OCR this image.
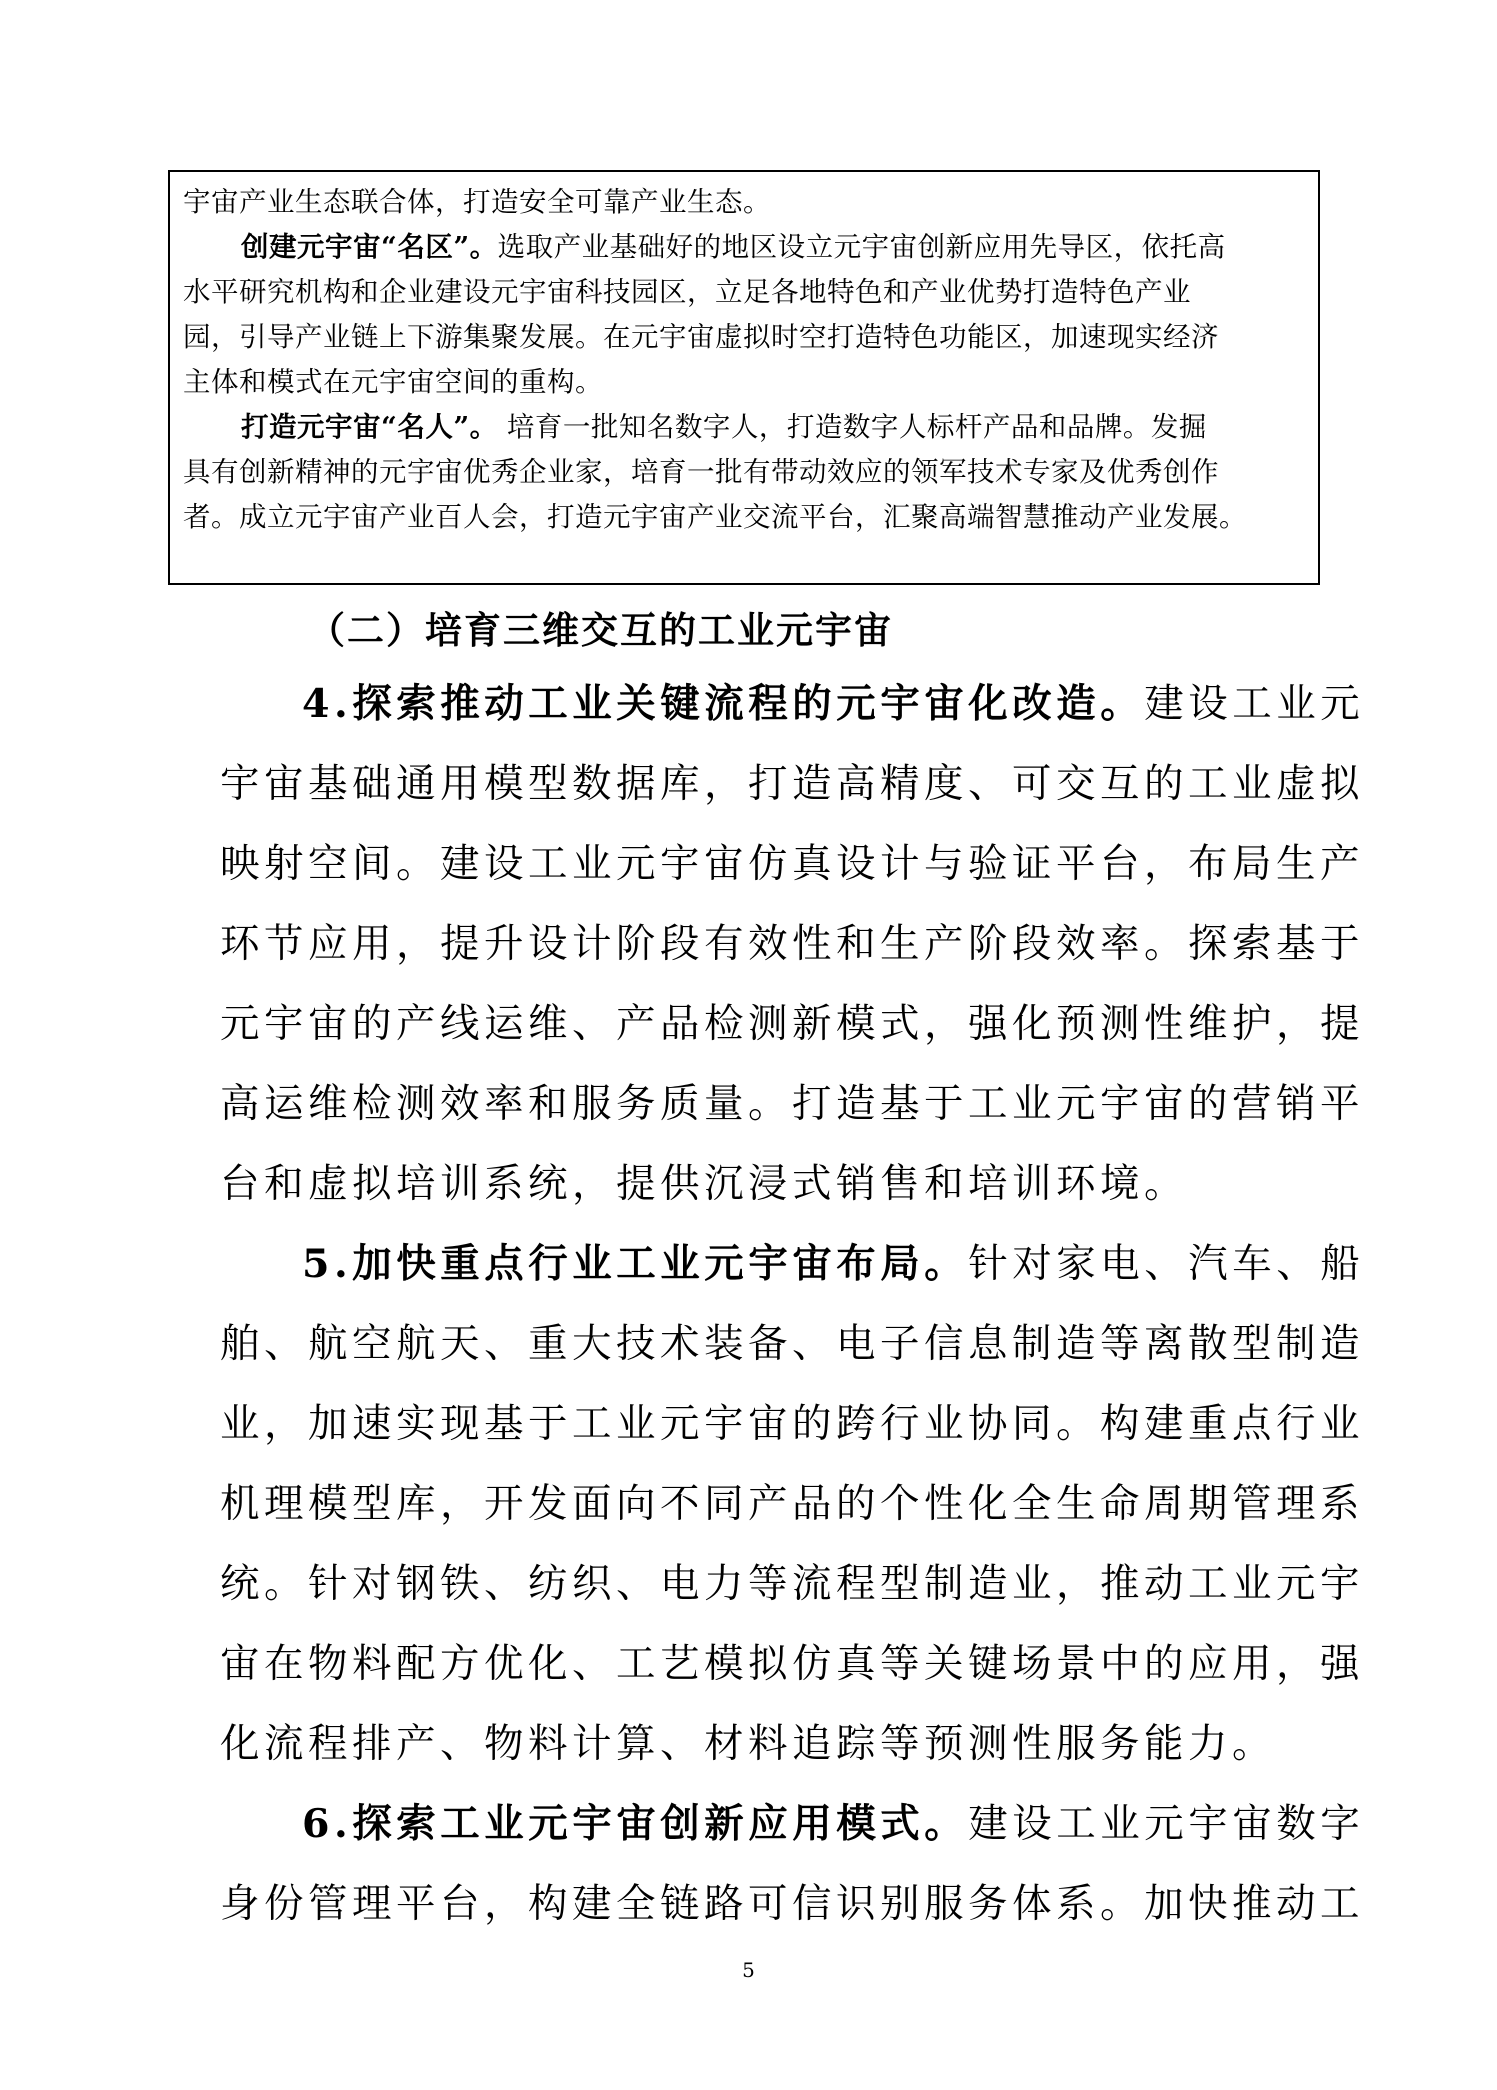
宇宙产业生态联合体，打造安全可靠产业生态。
创建元宇宙“名区”。选取产业基础好的地区设立元宇宙创新应用先导区，依托高
水平研究机构和企业建设元宇宙科技园区，立足各地特色和产业优势打造特色产业
园，引导产业链上下游集聚发展。在元宇宙虚拟时空打造特色功能区，加速现实经济
主体和模式在元宇宙空间的重构。
打造元宇宙“名人”。 培育一批知名数字人，打造数字人标杆产品和品牌。发掘
具有创新精神的元宇宙优秀企业家，培育一批有带动效应的领军技术专家及优秀创作
者。成立元宇宙产业百人会，打造元宇宙产业交流平台，汇聚高端智慧推动产业发展。
（二）培育三维交互的工业元宇宙
4.探索推动工业关键流程的元宇宙化改造。建设工业元
宇宙基础通用模型数据库，打造高精度、可交互的工业虚拟
映射空间。建设工业元宇宙仿真设计与验证平台，布局生产
环节应用，提升设计阶段有效性和生产阶段效率。探索基于
元宇宙的产线运维、产品检测新模式，强化预测性维护，提
高运维检测效率和服务质量。打造基于工业元宇宙的营销平
台和虚拟培训系统，提供沉浸式销售和培训环境。
5.加快重点行业工业元宇宙布局。针对家电、汽车、船
舶、航空航天、重大技术装备、电子信息制造等离散型制造
业，加速实现基于工业元宇宙的跨行业协同。构建重点行业
机理模型库，开发面向不同产品的个性化全生命周期管理系
统。针对钢铁、纺织、电力等流程型制造业，推动工业元宇
宙在物料配方优化、工艺模拟仿真等关键场景中的应用，强
化流程排产、物料计算、材料追踪等预测性服务能力。
6.探索工业元宇宙创新应用模式。建设工业元宇宙数字
身份管理平台，构建全链路可信识别服务体系。加快推动工
5
